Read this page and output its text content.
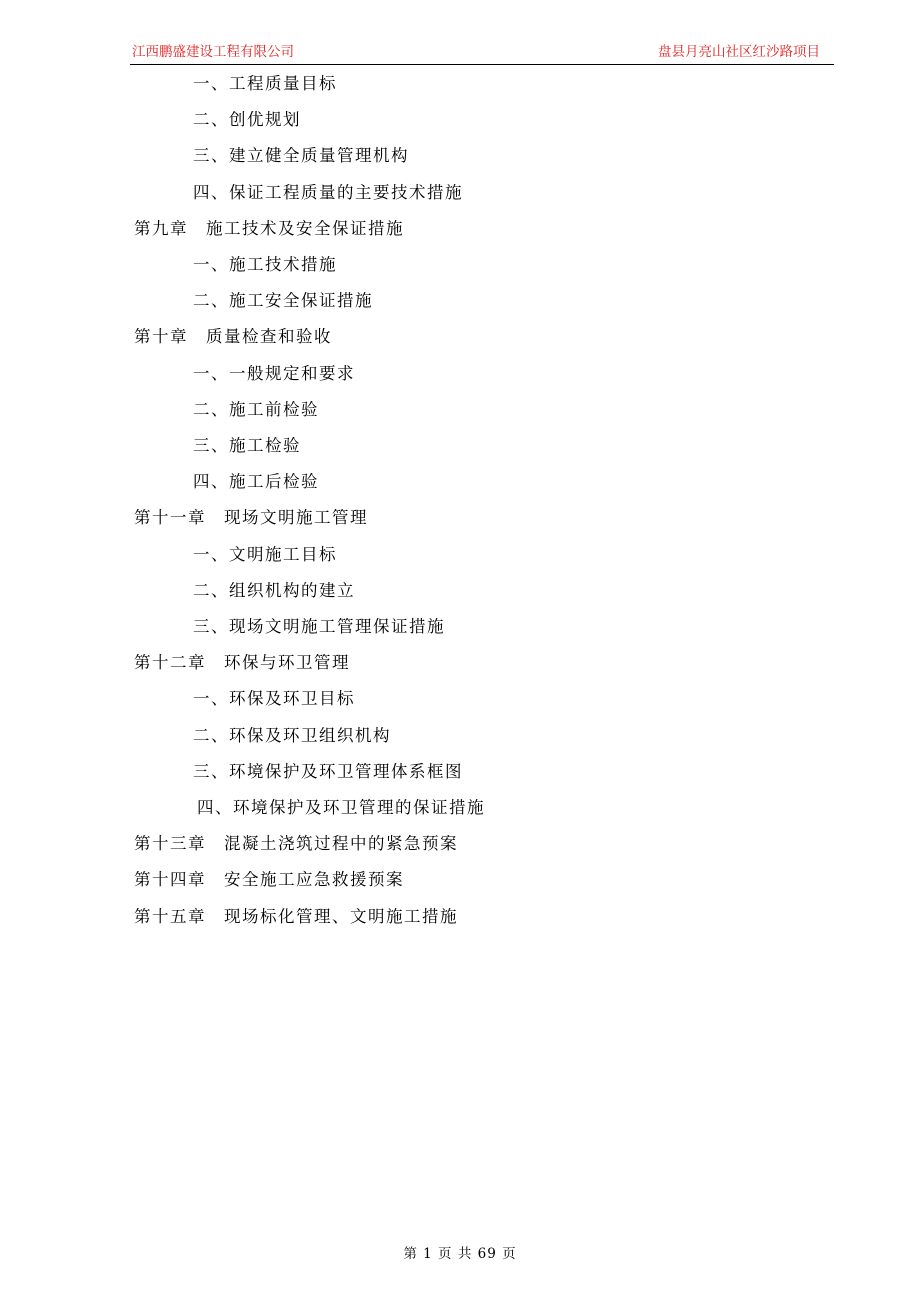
江西鹏盛建设工程有限公司	盘县月亮山社区红沙路项目
一、工程质量目标
二、创优规划
三、建立健全质量管理机构
四、保证工程质量的主要技术措施
第九章　施工技术及安全保证措施
一、施工技术措施
二、施工安全保证措施
第十章　质量检查和验收
一、一般规定和要求
二、施工前检验
三、施工检验
四、施工后检验
第十一章　现场文明施工管理
一、文明施工目标
二、组织机构的建立
三、现场文明施工管理保证措施
第十二章　环保与环卫管理
一、环保及环卫目标
二、环保及环卫组织机构
三、环境保护及环卫管理体系框图
四、环境保护及环卫管理的保证措施
第十三章　混凝土浇筑过程中的紧急预案
第十四章　安全施工应急救援预案
第十五章　现场标化管理、文明施工措施
第 1 页 共 69 页
